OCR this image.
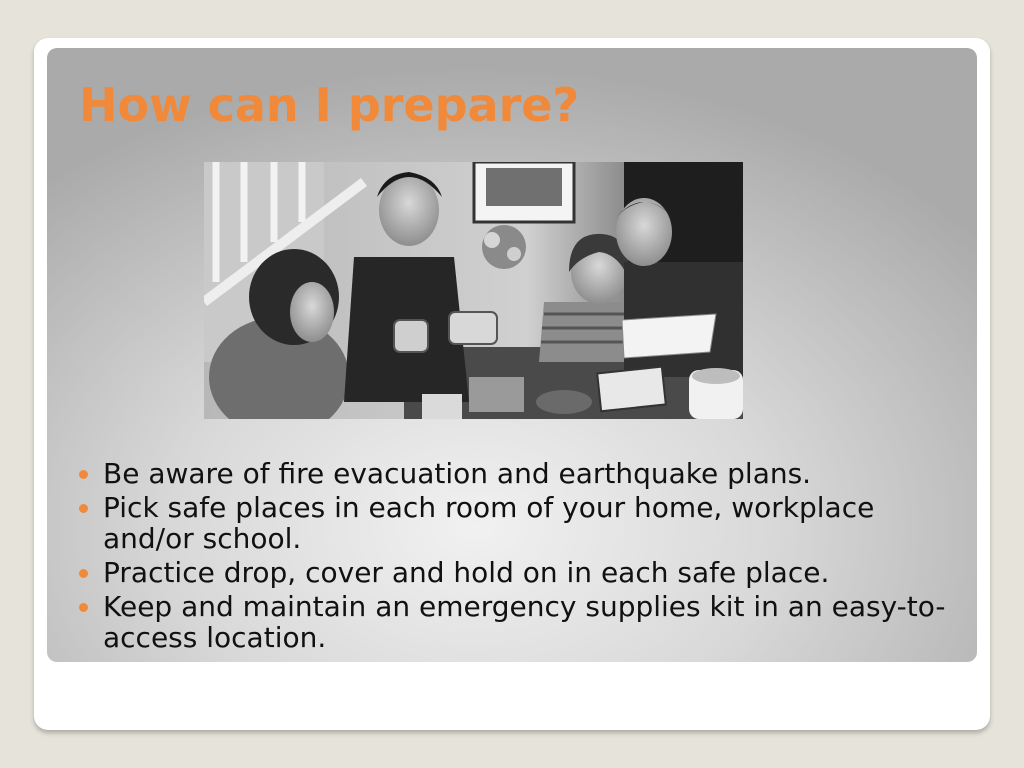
How can I prepare?
Be aware of fire evacuation and earthquake plans.
Pick safe places in each room of your home, workplace and/or school.
Practice drop, cover and hold on in each safe place.
Keep and maintain an emergency supplies kit in an easy-to-access location.
